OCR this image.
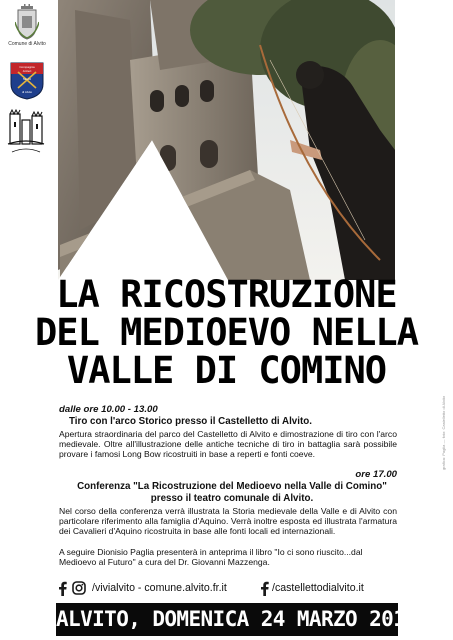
Comune di Alvito
Compagnia
Arcieri
Storici
di Alvito
LA RICOSTRUZIONE
DEL MEDIOEVO NELLA
VALLE DI COMINO
dalle ore 10.00 - 13.00
Tiro con l'arco Storico presso il Castelletto di Alvito.
Apertura straordinaria del parco del Castelletto di Alvito e dimostrazione di tiro con l'arco medievale. Oltre all'illustrazione delle antiche tecniche di tiro in battaglia sarà possibile provare i famosi Long Bow ricostruiti in base a reperti e fonti coeve.
ore 17.00
Conferenza "La Ricostruzione del Medioevo nella Valle di Comino" presso il teatro comunale di Alvito.
Nel corso della conferenza verrà illustrata la Storia medievale della Valle e di Alvito con particolare riferimento alla famiglia d'Aquino. Verrà inoltre esposta ed illustrata l'armatura dei Cavalieri d'Aquino ricostruita in base alle fonti locali ed internazionali.
A seguire Dionisio Paglia presenterà in anteprima il libro "Io ci sono riuscito...dal Medioevo al Futuro" a cura del Dr. Giovanni Mazzenga.
/vivialvito - comune.alvito.fr.it	/castellettodialvito.it
ALVITO, DOMENICA 24 MARZO 2019
grafica: Paglia — foto: Castelletto di Alvito
